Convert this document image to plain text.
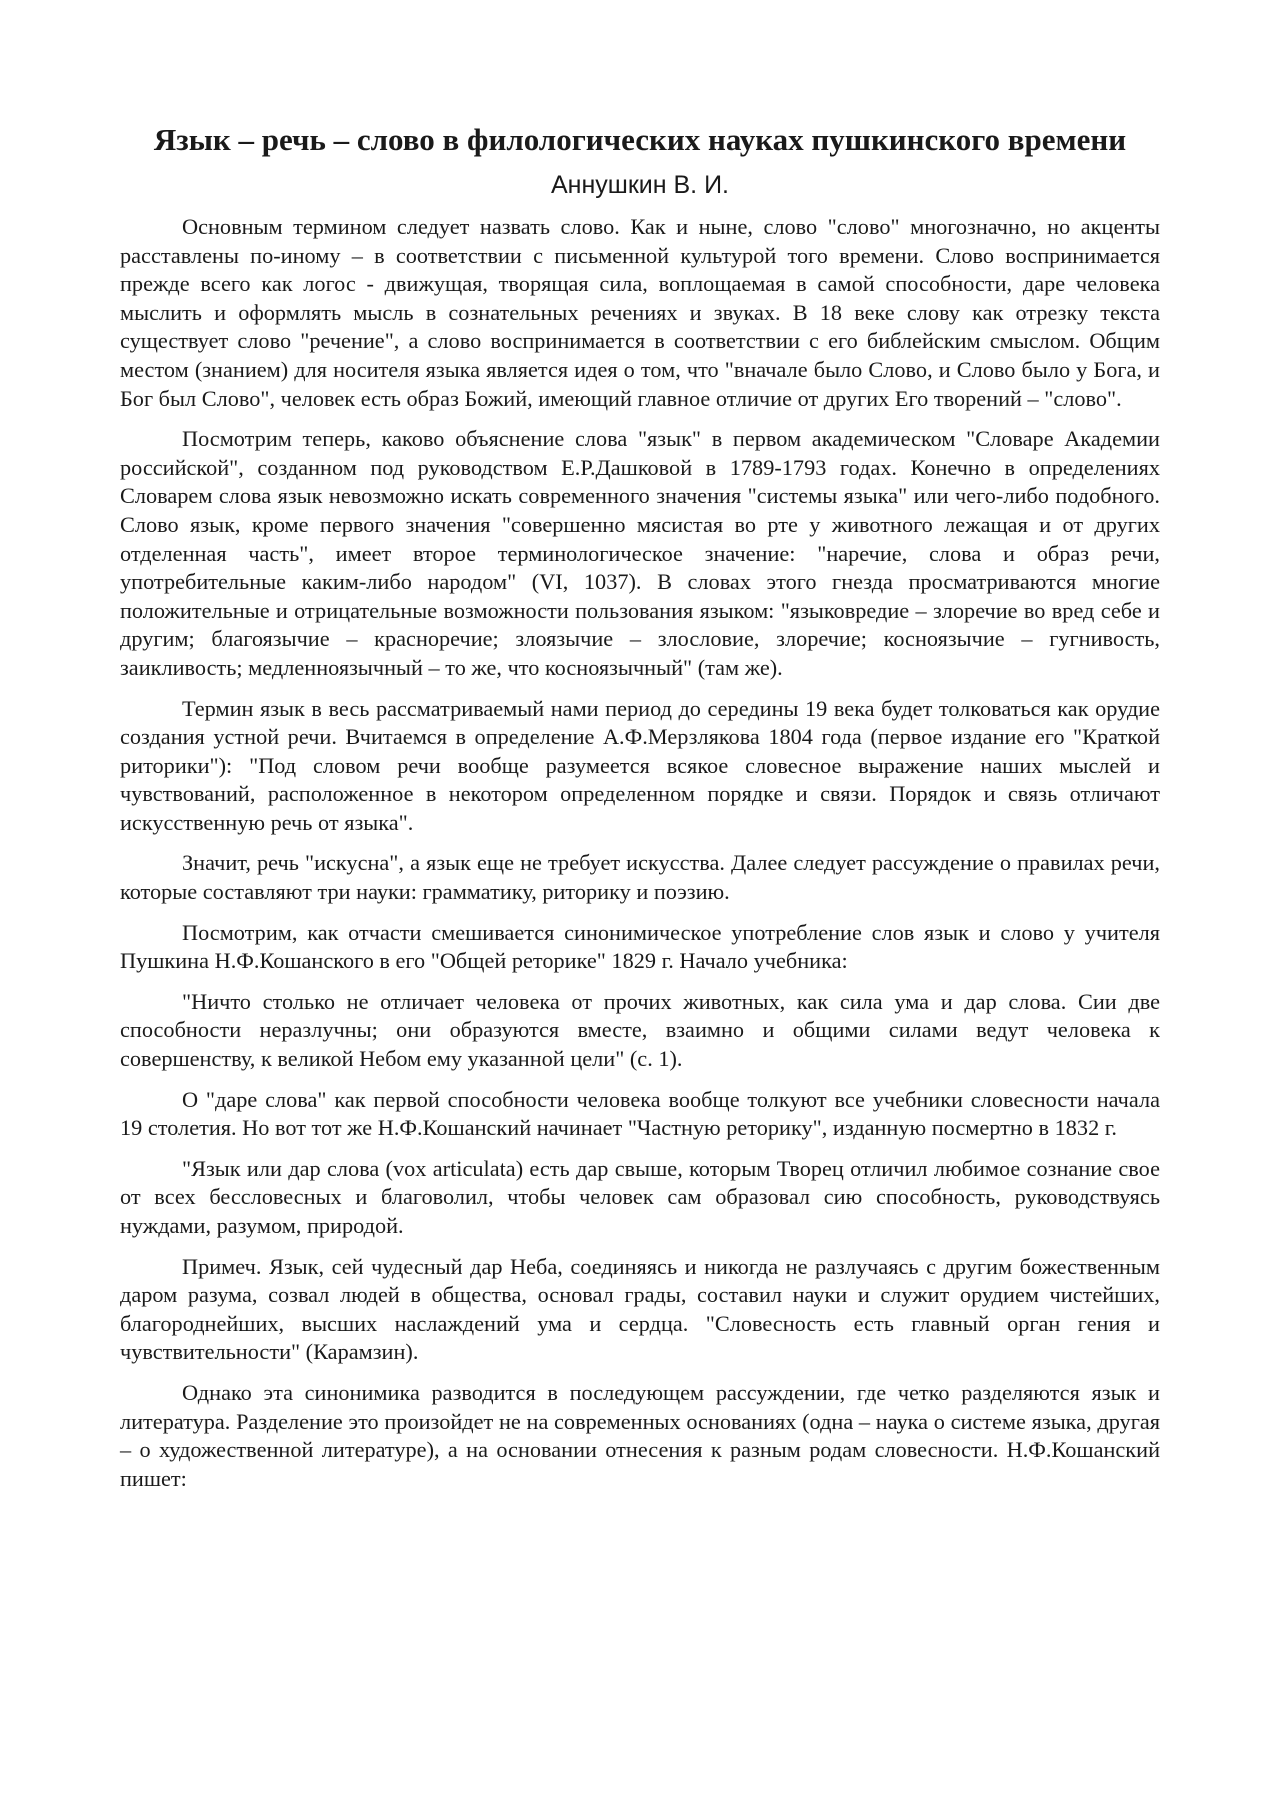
Язык – речь – слово в филологических науках пушкинского времени
Аннушкин В. И.

Основным термином следует назвать слово. Как и ныне, слово "слово" многозначно, но акценты расставлены по-иному – в соответствии с письменной культурой того времени. Слово воспринимается прежде всего как логос - движущая, творящая сила, воплощаемая в самой способности, даре человека мыслить и оформлять мысль в сознательных речениях и звуках. В 18 веке слову как отрезку текста существует слово "речение", а слово воспринимается в соответствии с его библейским смыслом. Общим местом (знанием) для носителя языка является идея о том, что "вначале было Слово, и Слово было у Бога, и Бог был Слово", человек есть образ Божий, имеющий главное отличие от других Его творений – "слово".

Посмотрим теперь, каково объяснение слова "язык" в первом академическом "Словаре Академии российской", созданном под руководством Е.Р.Дашковой в 1789-1793 годах. Конечно в определениях Словарем слова язык невозможно искать современного значения "системы языка" или чего-либо подобного. Слово язык, кроме первого значения "совершенно мясистая во рте у животного лежащая и от других отделенная часть", имеет второе терминологическое значение: "наречие, слова и образ речи, употребительные каким-либо народом" (VI, 1037). В словах этого гнезда просматриваются многие положительные и отрицательные возможности пользования языком: "языковредие – злоречие во вред себе и другим; благоязычие – красноречие; злоязычие – злословие, злоречие; косноязычие – гугнивость, заикливость; медленноязычный – то же, что косноязычный" (там же).

Термин язык в весь рассматриваемый нами период до середины 19 века будет толковаться как орудие создания устной речи. Вчитаемся в определение А.Ф.Мерзлякова 1804 года (первое издание его "Краткой риторики"): "Под словом речи вообще разумеется всякое словесное выражение наших мыслей и чувствований, расположенное в некотором определенном порядке и связи. Порядок и связь отличают искусственную речь от языка".

Значит, речь "искусна", а язык еще не требует искусства. Далее следует рассуждение о правилах речи, которые составляют три науки: грамматику, риторику и поэзию.

Посмотрим, как отчасти смешивается синонимическое употребление слов язык и слово у учителя Пушкина Н.Ф.Кошанского в его "Общей реторике" 1829 г. Начало учебника:

"Ничто столько не отличает человека от прочих животных, как сила ума и дар слова. Сии две способности неразлучны; они образуются вместе, взаимно и общими силами ведут человека к совершенству, к великой Небом ему указанной цели" (с. 1).

О "даре слова" как первой способности человека вообще толкуют все учебники словесности начала 19 столетия. Но вот тот же Н.Ф.Кошанский начинает "Частную реторику", изданную посмертно в 1832 г.

"Язык или дар слова (vox articulata) есть дар свыше, которым Творец отличил любимое сознание свое от всех бессловесных и благоволил, чтобы человек сам образовал сию способность, руководствуясь нуждами, разумом, природой.

Примеч. Язык, сей чудесный дар Неба, соединяясь и никогда не разлучаясь с другим божественным даром разума, созвал людей в общества, основал грады, составил науки и служит орудием чистейших, благороднейших, высших наслаждений ума и сердца. "Словесность есть главный орган гения и чувствительности" (Карамзин).

Однако эта синонимика разводится в последующем рассуждении, где четко разделяются язык и литература. Разделение это произойдет не на современных основаниях (одна – наука о системе языка, другая – о художественной литературе), а на основании отнесения к разным родам словесности. Н.Ф.Кошанский пишет:
